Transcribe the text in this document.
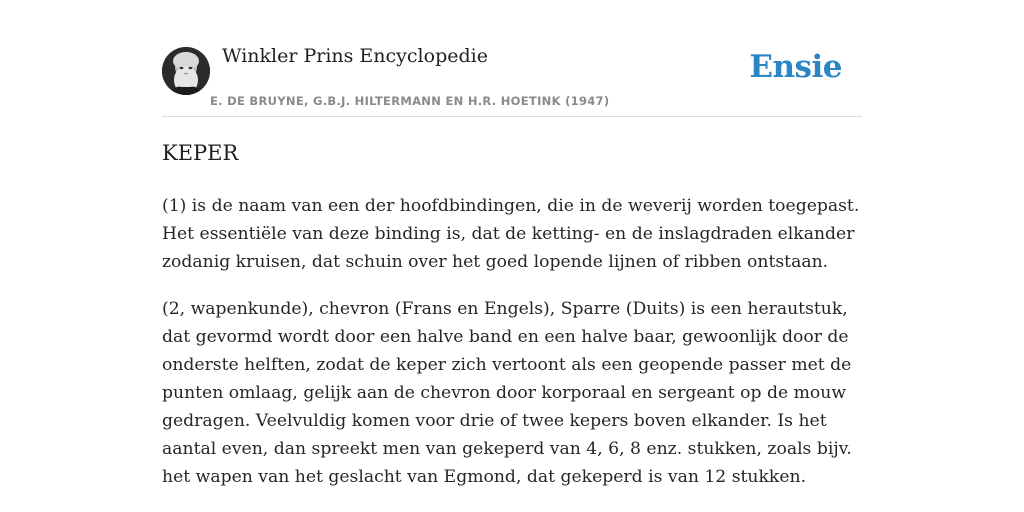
Winkler Prins Encyclopedie
E. DE BRUYNE, G.B.J. HILTERMANN EN H.R. HOETINK (1947)
Ensie
KEPER

(1) is de naam van een der hoofdbindingen, die in de weverij worden toegepast. Het essentiële van deze binding is, dat de ketting- en de inslagdraden elkander zodanig kruisen, dat schuin over het goed lopende lijnen of ribben ontstaan.

(2, wapenkunde), chevron (Frans en Engels), Sparre (Duits) is een herautstuk, dat gevormd wordt door een halve band en een halve baar, gewoonlijk door de onderste helften, zodat de keper zich vertoont als een geopende passer met de punten omlaag, gelijk aan de chevron door korporaal en sergeant op de mouw gedragen. Veelvuldig komen voor drie of twee kepers boven elkander. Is het aantal even, dan spreekt men van gekeperd van 4, 6, 8 enz. stukken, zoals bijv. het wapen van het geslacht van Egmond, dat gekeperd is van 12 stukken.
